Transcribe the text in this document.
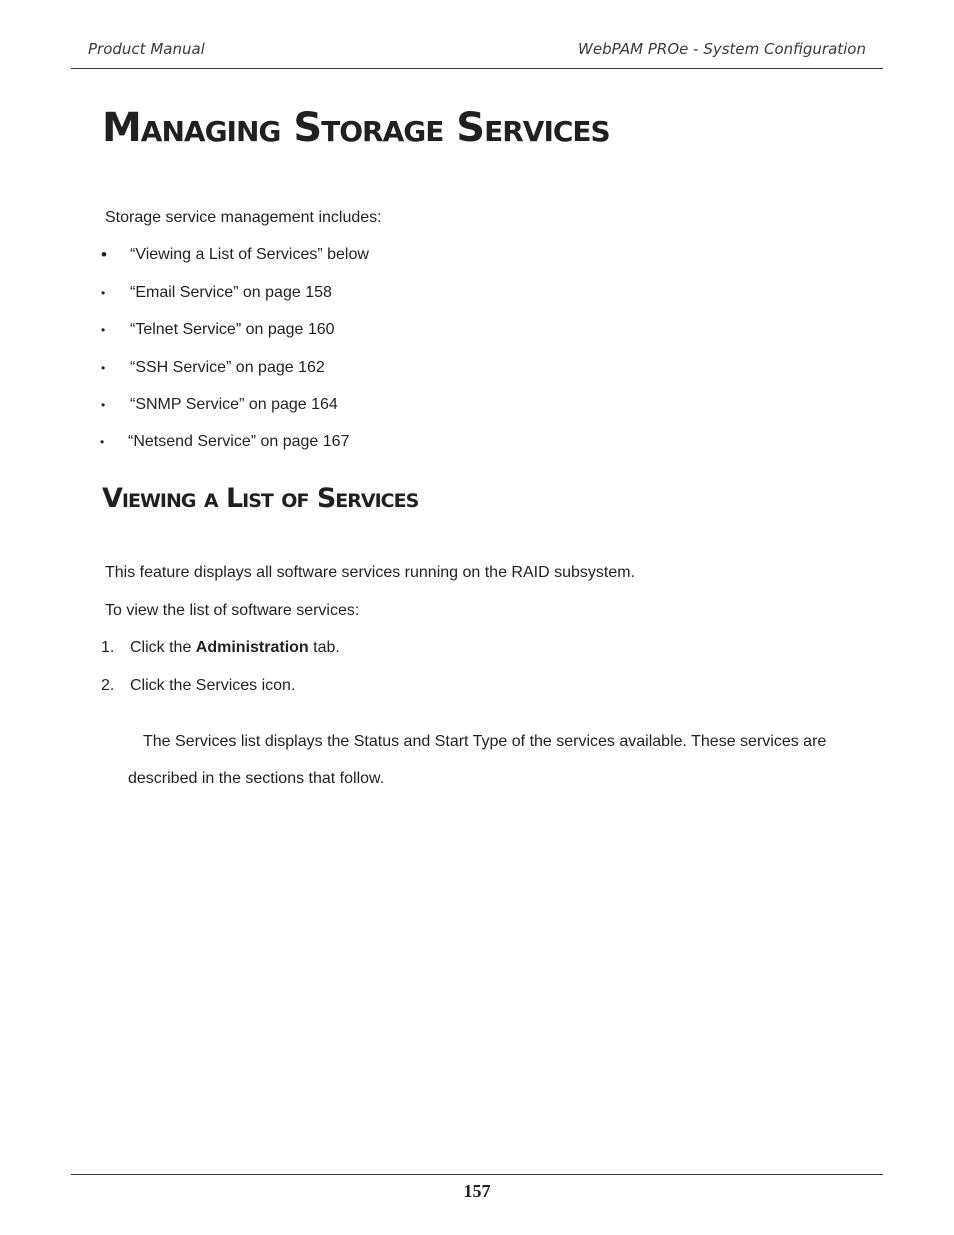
Product Manual	WebPAM PROe - System Configuration
Managing Storage Services
Storage service management includes:
• “Viewing a List of Services” below
• “Email Service” on page 158
• “Telnet Service” on page 160
• “SSH Service” on page 162
• “SNMP Service” on page 164
• “Netsend Service” on page 167
Viewing a List of Services
This feature displays all software services running on the RAID subsystem.
To view the list of software services:
1. Click the Administration tab.
2. Click the Services icon.
The Services list displays the Status and Start Type of the services available. These services are
described in the sections that follow.
157
